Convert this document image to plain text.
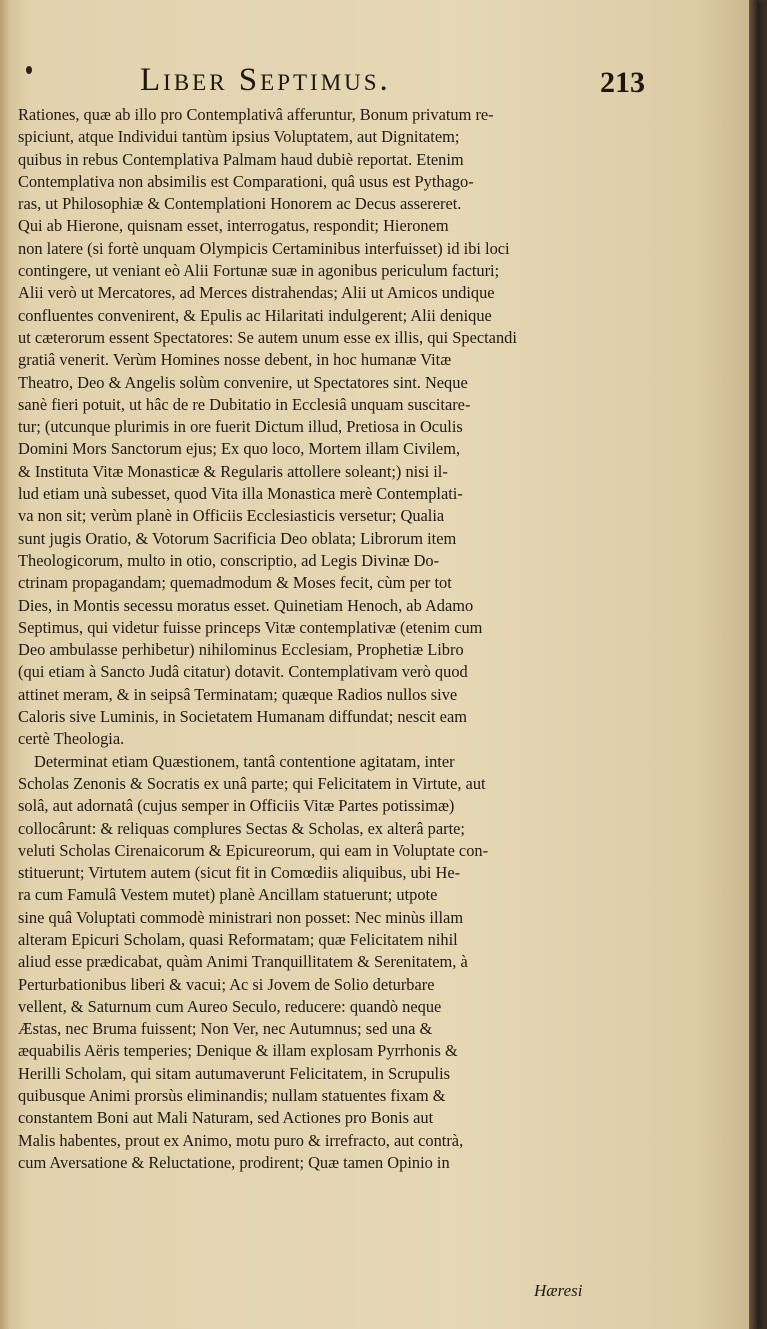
Liber Septimus.	213
Rationes, quæ ab illo pro Contemplativâ afferuntur, Bonum privatum re-
spiciunt, atque Individui tantùm ipsius Voluptatem, aut Dignitatem;
quibus in rebus Contemplativa Palmam haud dubiè reportat. Etenim
Contemplativa non absimilis est Comparationi, quâ usus est Pythago-
ras, ut Philosophiæ & Contemplationi Honorem ac Decus assereret.
Qui ab Hierone, quisnam esset, interrogatus, respondit; Hieronem
non latere (si fortè unquam Olympicis Certaminibus interfuisset) id ibi loci
contingere, ut veniant eò Alii Fortunæ suæ in agonibus periculum facturi;
Alii verò ut Mercatores, ad Merces distrahendas; Alii ut Amicos undique
confluentes convenirent, & Epulis ac Hilaritati indulgerent; Alii denique
ut cæterorum essent Spectatores: Se autem unum esse ex illis, qui Spectandi
gratiâ venerit. Verùm Homines nosse debent, in hoc humanæ Vitæ
Theatro, Deo & Angelis solùm convenire, ut Spectatores sint. Neque
sanè fieri potuit, ut hâc de re Dubitatio in Ecclesiâ unquam suscitare-
tur; (utcunque plurimis in ore fuerit Dictum illud, Pretiosa in Oculis
Domini Mors Sanctorum ejus; Ex quo loco, Mortem illam Civilem,
& Instituta Vitæ Monasticæ & Regularis attollere soleant;) nisi il-
lud etiam unà subesset, quod Vita illa Monastica merè Contemplati-
va non sit; verùm planè in Officiis Ecclesiasticis versetur; Qualia
sunt jugis Oratio, & Votorum Sacrificia Deo oblata; Librorum item
Theologicorum, multo in otio, conscriptio, ad Legis Divinæ Do-
ctrinam propagandam; quemadmodum & Moses fecit, cùm per tot
Dies, in Montis secessu moratus esset. Quinetiam Henoch, ab Adamo
Septimus, qui videtur fuisse princeps Vitæ contemplativæ (etenim cum
Deo ambulasse perhibetur) nihilominus Ecclesiam, Prophetiæ Libro
(qui etiam à Sancto Judâ citatur) dotavit. Contemplativam verò quod
attinet meram, & in seipsâ Terminatam; quæque Radios nullos sive
Caloris sive Luminis, in Societatem Humanam diffundat; nescit eam
certè Theologia.
Determinat etiam Quæstionem, tantâ contentione agitatam, inter
Scholas Zenonis & Socratis ex unâ parte; qui Felicitatem in Virtute, aut
solâ, aut adornatâ (cujus semper in Officiis Vitæ Partes potissimæ)
collocârunt: & reliquas complures Sectas & Scholas, ex alterâ parte;
veluti Scholas Cirenaicorum & Epicureorum, qui eam in Voluptate con-
stituerunt; Virtutem autem (sicut fit in Comœdiis aliquibus, ubi He-
ra cum Famulâ Vestem mutet) planè Ancillam statuerunt; utpote
sine quâ Voluptati commodè ministrari non posset: Nec minùs illam
alteram Epicuri Scholam, quasi Reformatam; quæ Felicitatem nihil
aliud esse prædicabat, quàm Animi Tranquillitatem & Serenitatem, à
Perturbationibus liberi & vacui; Ac si Jovem de Solio deturbare
vellent, & Saturnum cum Aureo Seculo, reducere: quandò neque
Æstas, nec Bruma fuissent; Non Ver, nec Autumnus; sed una &
æquabilis Aëris temperies; Denique & illam explosam Pyrrhonis &
Herilli Scholam, qui sitam autumaverunt Felicitatem, in Scrupulis
quibusque Animi prorsùs eliminandis; nullam statuentes fixam &
constantem Boni aut Mali Naturam, sed Actiones pro Bonis aut
Malis habentes, prout ex Animo, motu puro & irrefracto, aut contrà,
cum Aversatione & Reluctatione, prodirent; Quæ tamen Opinio in
Hæresi
